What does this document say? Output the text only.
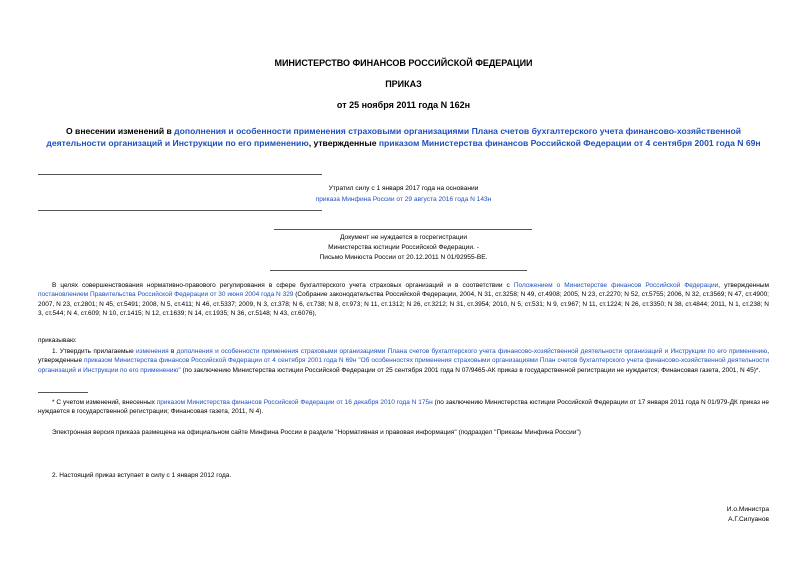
МИНИСТЕРСТВО ФИНАНСОВ РОССИЙСКОЙ ФЕДЕРАЦИИ
ПРИКАЗ
от 25 ноября 2011 года N 162н
О внесении изменений в дополнения и особенности применения страховыми организациями Плана счетов бухгалтерского учета финансово-хозяйственной деятельности организаций и Инструкции по его применению, утвержденные приказом Министерства финансов Российской Федерации от 4 сентября 2001 года N 69н
Утратил силу с 1 января 2017 года на основании
приказа Минфина России от 29 августа 2016 года N 143н
Документ не нуждается в госрегистрации
Министерства юстиции Российской Федерации. -
Письмо Минюста России от 20.12.2011 N 01/92955-ВЕ.
В целях совершенствования нормативно-правового регулирования в сфере бухгалтерского учета страховых организаций и в соответствии с Положением о Министерстве финансов Российской Федерации, утвержденным постановлением Правительства Российской Федерации от 30 июня 2004 года N 329 (Собрание законодательства Российской Федерации, 2004, N 31, ст.3258; N 49, ст.4908; 2005, N 23, ст.2270; N 52, ст.5755; 2006, N 32, ст.3569; N 47, ст.4900; 2007, N 23, ст.2801; N 45, ст.5491; 2008, N 5, ст.411; N 46, ст.5337; 2009, N 3, ст.378; N 6, ст.738; N 8, ст.973; N 11, ст.1312; N 26, ст.3212; N 31, ст.3954; 2010, N 5, ст.531; N 9, ст.967; N 11, ст.1224; N 26, ст.3350; N 38, ст.4844; 2011, N 1, ст.238; N 3, ст.544; N 4, ст.609; N 10, ст.1415; N 12, ст.1639; N 14, ст.1935; N 36, ст.5148; N 43, ст.6076),
приказываю:
1. Утвердить прилагаемые изменения в дополнения и особенности применения страховыми организациями Плана счетов бухгалтерского учета финансово-хозяйственной деятельности организаций и Инструкции по его применению, утвержденные приказом Министерства финансов Российской Федерации от 4 сентября 2001 года N 69н "Об особенностях применения страховыми организациями План счетов бухгалтерского учета финансово-хозяйственной деятельности организаций и Инструкции по его применению" (по заключению Министерства юстиции Российской Федерации от 25 сентября 2001 года N 07/9465-АК приказ в государственной регистрации не нуждается; Финансовая газета, 2001, N 45)*.
* С учетом изменений, внесенных приказом Министерства финансов Российской Федерации от 16 декабря 2010 года N 175н (по заключению Министерства юстиции Российской Федерации от 17 января 2011 года N 01/979-ДК приказ не нуждается в государственной регистрации; Финансовая газета, 2011, N 4).
Электронная версия приказа размещена на официальном сайте Минфина России в разделе "Нормативная и правовая информация" (подраздел "Приказы Минфина России")
2. Настоящий приказ вступает в силу с 1 января 2012 года.
И.о.Министра
А.Г.Силуанов
